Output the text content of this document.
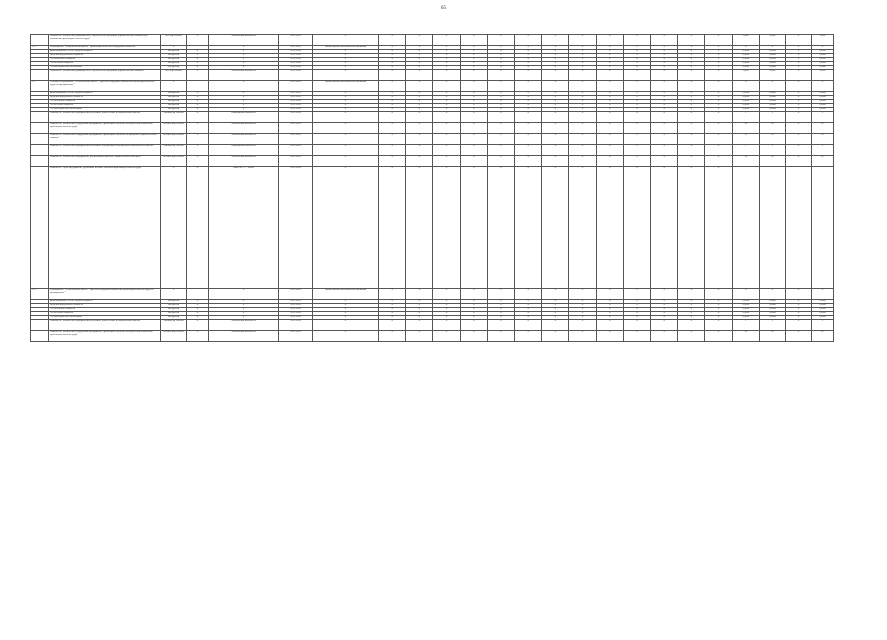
65
	Показатель "Количество руководителей, обученных по программе управленческих навыков для повышения производительности труда"	чел. нар. итогом	X	Абсолютный показатель	2021-2024	X	X	X	X	X	X	X	X	X	X	X	X	X	X	0,400	0,800	X	0,800
9.1.1	Мероприятие "Национальный проект "Производительность и поддержка занятости""	X		X	2021-2024	Министерство экономического развития	X	X	X	X	X	X	X	X	X	X	X	X	X	X	X	X	X
	финансирование за счет средств бюджета	тыс.рублей	X	X	2021-2024	X	X	X	X	X	X	X	X	X	X	X	X	X	X	0,0000	0,0000	X	0,0000
	средства федерального бюджета	тыс.рублей	X	X	2021-2024	X	X	X	X	X	X	X	X	X	X	X	X	X	X	0,0000	0,0000	X	0,0000
	- из областного бюджета	тыс.рублей	X	X	2021-2024	X	X	X	X	X	X	X	X	X	X	X	X	X	X	0,0000	0,0000	X	0,0000
	- из местного бюджета	тыс.рублей	X	X	2021-2024	X	X	X	X	X	X	X	X	X	X	X	X	X	X	0,0000	0,0000	X	0,0000
	- из внебюджетных источников	тыс.рублей	X	X	2021-2024	X	X	X	X	X	X	X	X	X	X	X	X	X	X	0,0000	0,0000	X	0,0000
	Показатель "Количество руководителей, обученных по программе управленческих навыков"	чел. нар. итогом	X	Абсолютный показатель	2021-2024	X	X	X	X	X	X	X	X	X	X	X	X	X	X	0,400	0,800	X	0,800
9.2	Основное мероприятие "Региональный проект "Адресная поддержка повышения производительности труда на предприятиях""	X		X	2021-2024	Министерство экономического развития	X	X	X	X	X	X	X	X	X	X	X	X	X	X	X	X	X
	финансирование за счет средств бюджета	тыс.рублей	X	X	2021-2024	X	X	X	X	X	X	X	X	X	X	X	X	X	X	0,0000	0,0000	X	0,0000
	средства федерального бюджета	тыс.рублей	X	X	2021-2024	X	X	X	X	X	X	X	X	X	X	X	X	X	X	0,0000	0,0000	X	0,0000
	- из областного бюджета	тыс.рублей	X	X	2021-2024	X	X	X	X	X	X	X	X	X	X	X	X	X	X	0,0000	0,0000	X	0,0000
	- из местного бюджета	тыс.рублей	X	X	2021-2024	X	X	X	X	X	X	X	X	X	X	X	X	X	X	0,0000	0,0000	X	0,0000
	- из внебюджетных источников	тыс.рублей	X	X	2021-2024	X	X	X	X	X	X	X	X	X	X	X	X	X	X	0,0000	0,0000	X	0,0000
	Показатель "Количество предприятий-участников, вовлеченных в национальный проект"	единиц нар. итогом	X	Прикладной показатель	2021-2024	X	X	X	X	X	X	X	X	X	X	X	X	X	X	1	2	X	2
	Показатель "Количество сотрудников предприятий, прошедших обучение инструментам повышения производительности труда"	человек нар. итогом	X	Абсолютный показатель	2021-2024	X	X	X	X	X	X	X	X	X	X	X	X	X	X	90	127	X	127
	Показатель "Количество сотрудников предприятий, прошедших обучение по программе управленческих навыков"	человек нар. итогом	X	Абсолютный показатель	2021-2024	X	X	X	X	X	X	X	X	X	X	X	X	X	X	13	26	X	26
	Показатель "Количество предприятий-участников, внедряющих мероприятия национального проекта"	единиц нар. итогом	X	Прикладной показатель	2021-2024	X	X	X	X	X	X	X	X	X	X	X	X	X	X	1	2	X	2
	Показатель "Количество предприятий, реализующих проекты с привлечением экспертов"	человек нар. итогом	X	Абсолютный показатель	2021-2024	X	X	X	X	X	X	X	X	X	X	X	X	X	X	16	127	X	127
	Показатель "Доля предприятий, достигших целевых значений производительности труда"	%	X	Ниже 80 % — плохо	2021-2024	X	X	X	X	X	X	X	X	X	X	X	X	X	X				
9.3.1	Мероприятие "Региональный проект "Адресная поддержка повышения производительности труда на предприятиях""	X		X	2021-2024	Министерство экономического развития	X	X	X	X	X	X	X	X	X	X	X	X	X	X	X	X	X
	финансирование за счет средств бюджета	тыс.рублей	X	X	2021-2024	X	X	X	X	X	X	X	X	X	X	X	X	X	X	0,0000	0,0000	X	0,0000
	средства федерального бюджета	тыс.рублей	X	X	2021-2024	X	X	X	X	X	X	X	X	X	X	X	X	X	X	0,0000	0,0000	X	0,0000
	- из областного бюджета	тыс.рублей	X	X	2021-2024	X	X	X	X	X	X	X	X	X	X	X	X	X	X	0,0000	0,0000	X	0,0000
	- из местного бюджета	тыс.рублей	X	X	2021-2024	X	X	X	X	X	X	X	X	X	X	X	X	X	X	0,0000	0,0000	X	0,0000
	- из внебюджетных источников	тыс.рублей	X	X	2021-2024	X	X	X	X	X	X	X	X	X	X	X	X	X	X	0,0000	0,0000	X	0,0000
	Показатель "Количество предприятий-участников, вовлеченных в национальный проект"	единиц нар. итогом	X	Абсолютный показатель	2021-2024	X	X	X	X	X	X	X	X	X	X	X	X	X	X	1	2	X	2
	Показатель "Количество сотрудников предприятий, прошедших обучение инструментам повышения производительности труда"	человек нар. итогом	X	Абсолютный показатель	2021-2024	X	X	X	X	X	X	X	X	X	X	X	X	X	X	90	127	X	127
